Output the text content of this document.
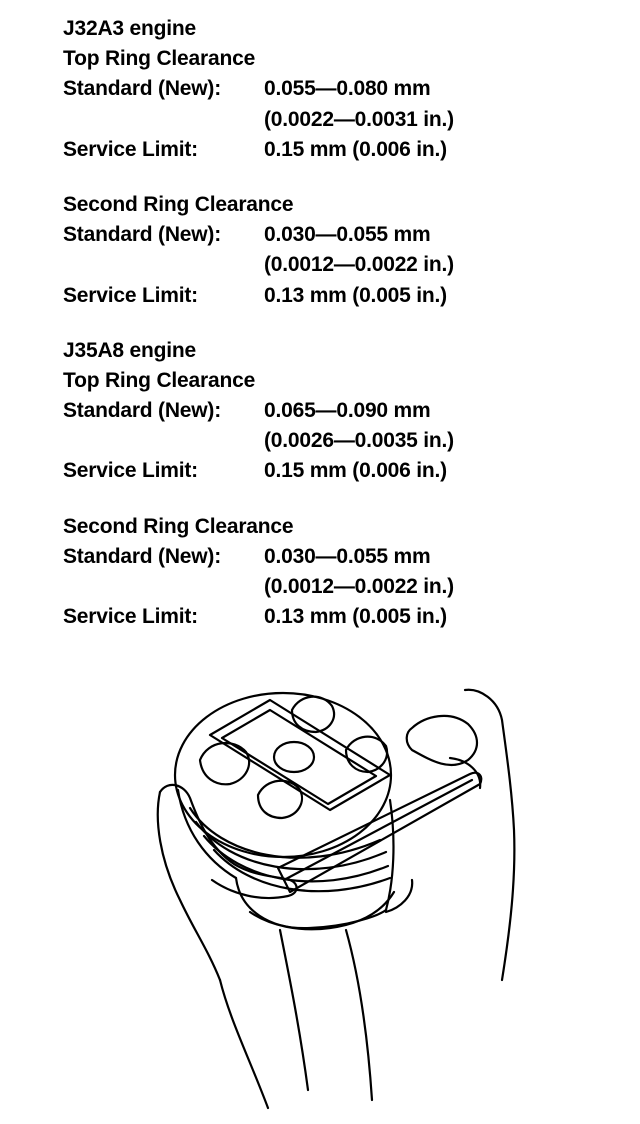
J32A3 engine
Top Ring Clearance
Standard (New):	0.055—0.080 mm
(0.0022—0.0031 in.)
Service Limit:	0.15 mm (0.006 in.)
Second Ring Clearance
Standard (New):	0.030—0.055 mm
(0.0012—0.0022 in.)
Service Limit:	0.13 mm (0.005 in.)
J35A8 engine
Top Ring Clearance
Standard (New):	0.065—0.090 mm
(0.0026—0.0035 in.)
Service Limit:	0.15 mm (0.006 in.)
Second Ring Clearance
Standard (New):	0.030—0.055 mm
(0.0012—0.0022 in.)
Service Limit:	0.13 mm (0.005 in.)
